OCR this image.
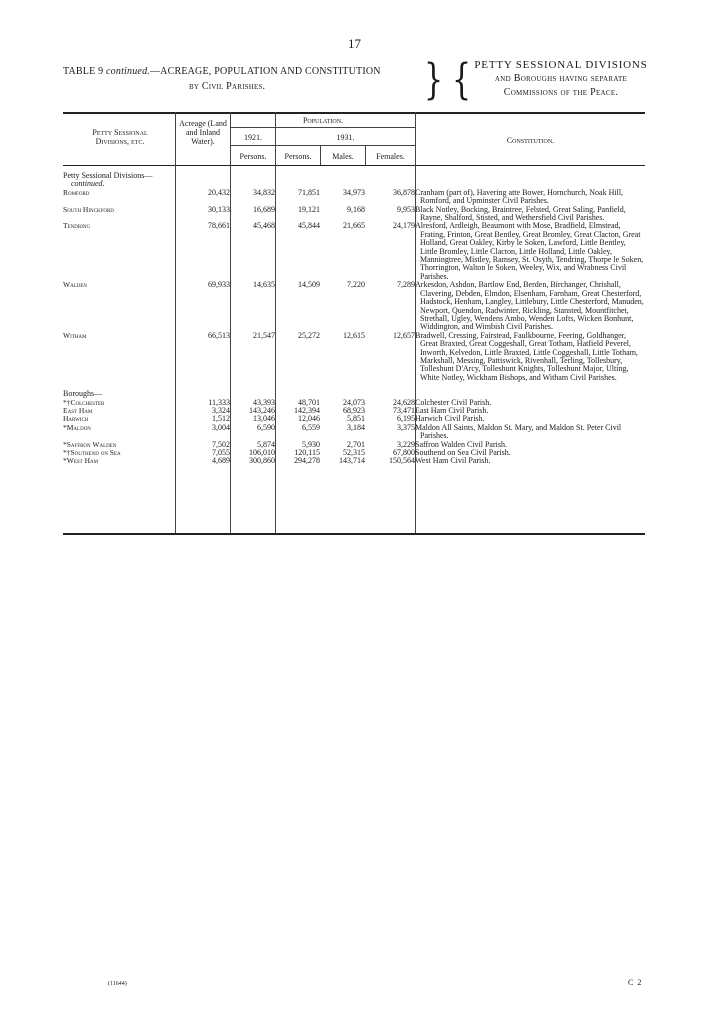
17
TABLE 9 continued.—ACREAGE, POPULATION AND CONSTITUTION
by Civil Parishes.	} { PETTY SESSIONAL DIVISIONS
and Boroughs having separate
Commissions of the Peace.
Petty Sessional Divisions, etc.
Acreage (Land and Inland Water).
Population.
1921.	1931.
Persons.	Persons.	Males.	Females.
Constitution.
Petty Sessional Divisions—
continued.						

Romford	20,432	34,832	71,851	34,973	36,878	Cranham (part of), Havering atte Bower, Hornchurch, Noak Hill, Romford, and Upminster Civil Parishes.

South Hinckford	30,133	16,689	19,121	9,168	9,953	Black Notley, Bocking, Braintree, Felsted, Great Saling, Panfield, Rayne, Shalford, Stisted, and Wethersfield Civil Parishes.

Tendring	78,661	45,468	45,844	21,665	24,179	Alresford, Ardleigh, Beaumont with Mose, Bradfield, Elmstead, Frating, Frinton, Great Bentley, Great Bromley, Great Clacton, Great Holland, Great Oakley, Kirby le Soken, Lawford, Little Bentley, Little Bromley, Little Clacton, Little Holland, Little Oakley, Manningtree, Mistley, Ramsey, St. Osyth, Tendring, Thorpe le Soken, Thorrington, Walton le Soken, Weeley, Wix, and Wrabness Civil Parishes.

Walden	69,933	14,635	14,509	7,220	7,289	Arkesdon, Ashdon, Bartlow End, Berden, Birchanger, Chrishall, Clavering, Debden, Elmdon, Elsenham, Farnham, Great Chesterford, Hadstock, Henham, Langley, Littlebury, Little Chesterford, Manuden, Newport, Quendon, Radwinter, Rickling, Stansted, Mountfitchet, Strethall, Ugley, Wendens Ambo, Wenden Lofts, Wicken Bonhunt, Widdington, and Wimbish Civil Parishes.

Witham	66,513	21,547	25,272	12,615	12,657	Bradwell, Cressing, Fairstead, Faulkbourne, Feering, Goldhanger, Great Braxted, Great Coggeshall, Great Totham, Hatfield Peverel, Inworth, Kelvedon, Little Braxted, Little Coggeshall, Little Totham, Markshall, Messing, Pattiswick, Rivenhall, Terling, Tollesbury, Tolleshunt D'Arcy, Tolleshunt Knights, Tolleshunt Major, Ulting, White Notley, Wickham Bishops, and Witham Civil Parishes.

Boroughs—						
*†Colchester	11,333	43,393	48,701	24,073	24,628	Colchester Civil Parish.

East Ham	3,324	143,246	142,394	68,923	73,471	East Ham Civil Parish.

Harwich	1,512	13,046	12,046	5,851	6,195	Harwich Civil Parish.

*Maldon	3,004	6,590	6,559	3,184	3,375	Maldon All Saints, Maldon St. Mary, and Maldon St. Peter Civil Parishes.

*Saffron Walden	7,502	5,874	5,930	2,701	3,229	Saffron Walden Civil Parish.

*†Southend on Sea	7,055	106,010	120,115	52,315	67,800	Southend on Sea Civil Parish.

*West Ham	4,689	300,860	294,278	143,714	150,564	West Ham Civil Parish.
(11644)	C 2
